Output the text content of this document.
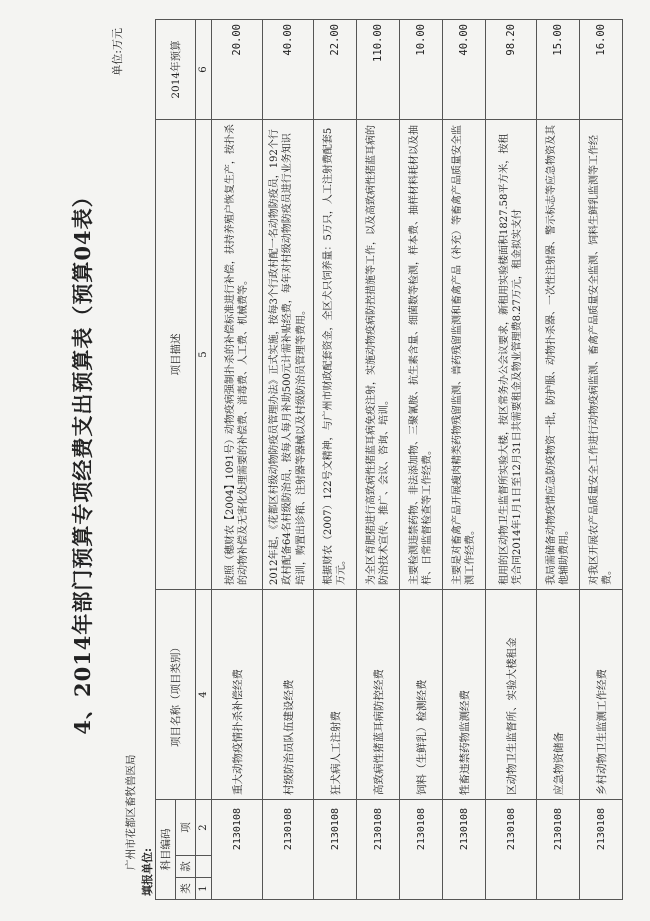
4、2014年部门预算专项经费支出预算表（预算04表）
单位:万元
广州市花都区畜牧兽医局
填报单位: 科目编码			项目名称（项目类别）	项目描述	2014年预算
类	款	项			
1		2	4	5	6
2130108			重大动物疫情扑杀补偿经费	按照（穗财农【2004】1091号）动物疫病强制扑杀的补偿标准进行补偿，扶持养殖户恢复生产，按扑杀的动物补偿及无害化处理需要的补偿费、消毒费、人工费、机械费等。	20.00
2130108			村级防治员队伍建设经费	2012年起，《花都区村级动物防疫员管理办法》正式实施，按每3个行政村配一名动物防疫员，192个行政村配备64名村级防治员，按每人每月补助500元计需补贴经费，每年对村级动物防疫员进行业务知识培训，购置出诊箱、注射器等器械以及村级防治员管理等费用。	40.00
2130108			狂犬病人工注射费	根据财农（2007）122号文精神，与广州市财政配套资金，全区犬只饲养量：5万只，人工注射费配套5万元。	22.00
2130108			高致病性猪蓝耳病防控经费	为全区育肥猪进行高致病性猪蓝耳病免疫注射，实施动物疫病防控措施等工作，以及高致病性猪蓝耳病的防治技术宣传、推广、会议、咨询、培训。	110.00
2130108			饲料（生鲜乳）检测经费	主要检测违禁药物、非法添加物、三聚氰胺、抗生素含量、细菌数等检测，样本费、抽样材料耗材以及抽样、日常监督检查等工作经费。	10.00
2130108			牲畜违禁药物监测经费	主要是对畜禽产品开展瘦肉精类药物残留监测、兽药残留监测和畜禽产品（补充）等畜禽产品质量安全监测工作经费。	40.00
2130108			区动物卫生监督所、实验大楼租金	租用的区动物卫生监督所实验大楼，按区常务办公会议要求，新租用实验楼面积1827.58平方米，按租凭合同2014年1月1日至12月31日共需要租金及物业管理费8.27万元，租金拟实支付	98.20
2130108			应急物资储备	我局需储备动物疫情应急防疫物资一批，防护服、动物扑杀器、一次性注射器、警示标志等应急物资及其他辅助费用。	15.00
2130108			乡村动物卫生监测工作经费	对我区开展农产品质量安全工作进行动物疫病监测、畜禽产品质量安全监测、饲料生鲜乳监测等工作经费。	16.00
